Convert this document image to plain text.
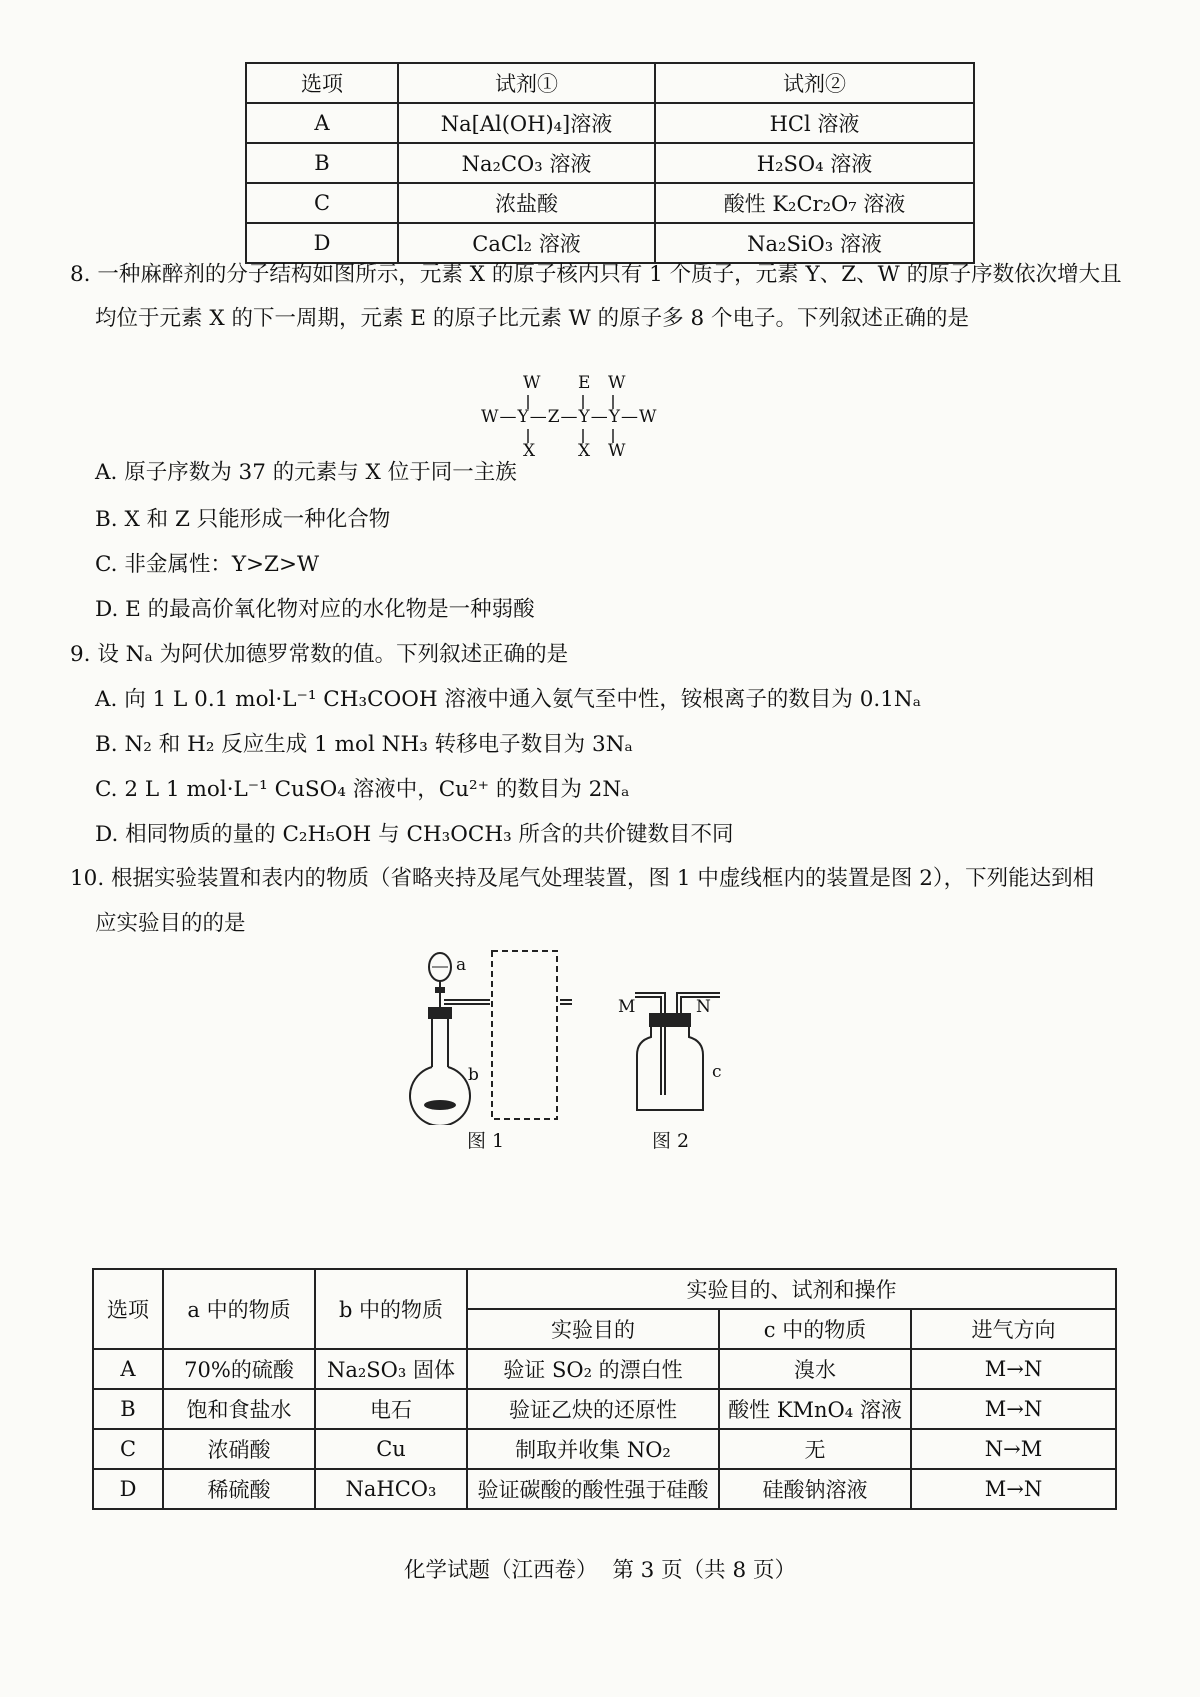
选项	试剂①	试剂②
A	Na[Al(OH)₄]溶液	HCl 溶液
B	Na₂CO₃ 溶液	H₂SO₄ 溶液
C	浓盐酸	酸性 K₂Cr₂O₇ 溶液
D	CaCl₂ 溶液	Na₂SiO₃ 溶液
8. 一种麻醉剂的分子结构如图所示，元素 X 的原子核内只有 1 个质子，元素 Y、Z、W 的原子序数依次增大且
均位于元素 X 的下一周期，元素 E 的原子比元素 W 的原子多 8 个电子。下列叙述正确的是
W E W
W—Y—Z—Y—Y—W
X	X W
A. 原子序数为 37 的元素与 X 位于同一主族
B. X 和 Z 只能形成一种化合物
C. 非金属性：Y>Z>W
D. E 的最高价氧化物对应的水化物是一种弱酸
9. 设 Nₐ 为阿伏加德罗常数的值。下列叙述正确的是
A. 向 1 L 0.1 mol·L⁻¹ CH₃COOH 溶液中通入氨气至中性，铵根离子的数目为 0.1Nₐ
B. N₂ 和 H₂ 反应生成 1 mol NH₃ 转移电子数目为 3Nₐ
C. 2 L 1 mol·L⁻¹ CuSO₄ 溶液中，Cu²⁺ 的数目为 2Nₐ
D. 相同物质的量的 C₂H₅OH 与 CH₃OCH₃ 所含的共价键数目不同
10. 根据实验装置和表内的物质（省略夹持及尾气处理装置，图 1 中虚线框内的装置是图 2），下列能达到相
应实验目的的是
a
b
图 1
M	N
c
图 2
选项	a 中的物质	b 中的物质	实验目的、试剂和操作		
			实验目的	c 中的物质	进气方向
A	70%的硫酸	Na₂SO₃ 固体	验证 SO₂ 的漂白性	溴水	M→N
B	饱和食盐水	电石	验证乙炔的还原性	酸性 KMnO₄ 溶液	M→N
C	浓硝酸	Cu	制取并收集 NO₂	无	N→M
D	稀硫酸	NaHCO₃	验证碳酸的酸性强于硅酸	硅酸钠溶液	M→N
化学试题（江西卷） 第 3 页（共 8 页）
